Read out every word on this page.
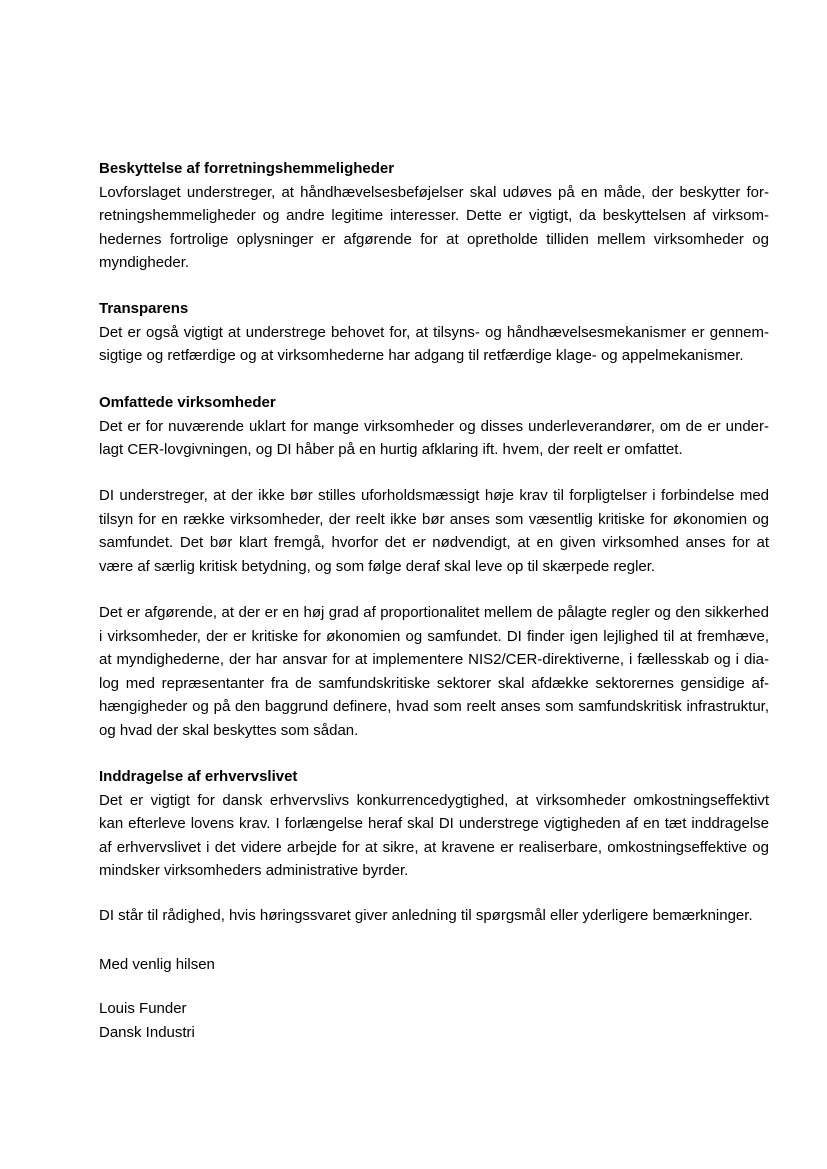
Beskyttelse af forretningshemmeligheder
Lovforslaget understreger, at håndhævelsesbeføjelser skal udøves på en måde, der beskytter for-
retningshemmeligheder og andre legitime interesser. Dette er vigtigt, da beskyttelsen af virksom-
hedernes fortrolige oplysninger er afgørende for at opretholde tilliden mellem virksomheder og
myndigheder.
Transparens
Det er også vigtigt at understrege behovet for, at tilsyns- og håndhævelsesmekanismer er gennem-
sigtige og retfærdige og at virksomhederne har adgang til retfærdige klage- og appelmekanismer.
Omfattede virksomheder
Det er for nuværende uklart for mange virksomheder og disses underleverandører, om de er under-
lagt CER-lovgivningen, og DI håber på en hurtig afklaring ift. hvem, der reelt er omfattet.
DI understreger, at der ikke bør stilles uforholdsmæssigt høje krav til forpligtelser i forbindelse med
tilsyn for en række virksomheder, der reelt ikke bør anses som væsentlig kritiske for økonomien og
samfundet. Det bør klart fremgå, hvorfor det er nødvendigt, at en given virksomhed anses for at
være af særlig kritisk betydning, og som følge deraf skal leve op til skærpede regler.
Det er afgørende, at der er en høj grad af proportionalitet mellem de pålagte regler og den sikkerhed
i virksomheder, der er kritiske for økonomien og samfundet. DI finder igen lejlighed til at fremhæve,
at myndighederne, der har ansvar for at implementere NIS2/CER-direktiverne, i fællesskab og i dia-
log med repræsentanter fra de samfundskritiske sektorer skal afdække sektorernes gensidige af-
hængigheder og på den baggrund definere, hvad som reelt anses som samfundskritisk infrastruktur,
og hvad der skal beskyttes som sådan.
Inddragelse af erhvervslivet
Det er vigtigt for dansk erhvervslivs konkurrencedygtighed, at virksomheder omkostningseffektivt
kan efterleve lovens krav. I forlængelse heraf skal DI understrege vigtigheden af en tæt inddragelse
af erhvervslivet i det videre arbejde for at sikre, at kravene er realiserbare, omkostningseffektive og
mindsker virksomheders administrative byrder.
DI står til rådighed, hvis høringssvaret giver anledning til spørgsmål eller yderligere bemærkninger.
Med venlig hilsen
Louis Funder
Dansk Industri
